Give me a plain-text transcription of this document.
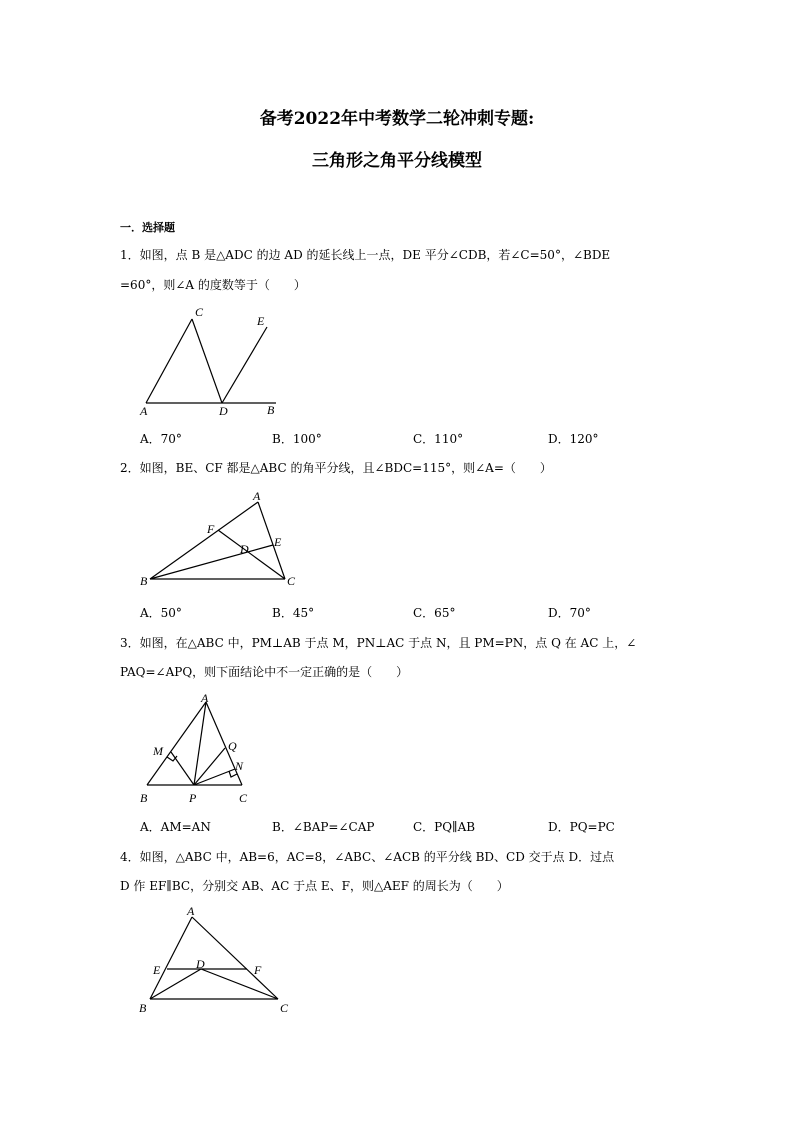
备考2022年中考数学二轮冲刺专题:
三角形之角平分线模型
一．选择题
1．如图，点 B 是△ADC 的边 AD 的延长线上一点，DE 平分∠CDB，若∠C=50°，∠BDE
=60°，则∠A 的度数等于（　　）
A
C
E
D	B
A．70°	B．100°	C．110°	D．120°
2．如图，BE、CF 都是△ABC 的角平分线，且∠BDC=115°，则∠A=（　　）
A
F
D E
B	C
A．50°	B．45°	C．65°	D．70°
3．如图，在△ABC 中，PM⊥AB 于点 M，PN⊥AC 于点 N，且 PM=PN，点 Q 在 AC 上，∠
PAQ=∠APQ，则下面结论中不一定正确的是（　　）
A
M	Q
N
B	P	C
A．AM=AN	B．∠BAP=∠CAP	C．PQ∥AB	D．PQ=PC
4．如图，△ABC 中，AB=6，AC=8，∠ABC、∠ACB 的平分线 BD、CD 交于点 D．过点
D 作 EF∥BC，分别交 AB、AC 于点 E、F，则△AEF 的周长为（　　）
A
E	D	F
B	C
